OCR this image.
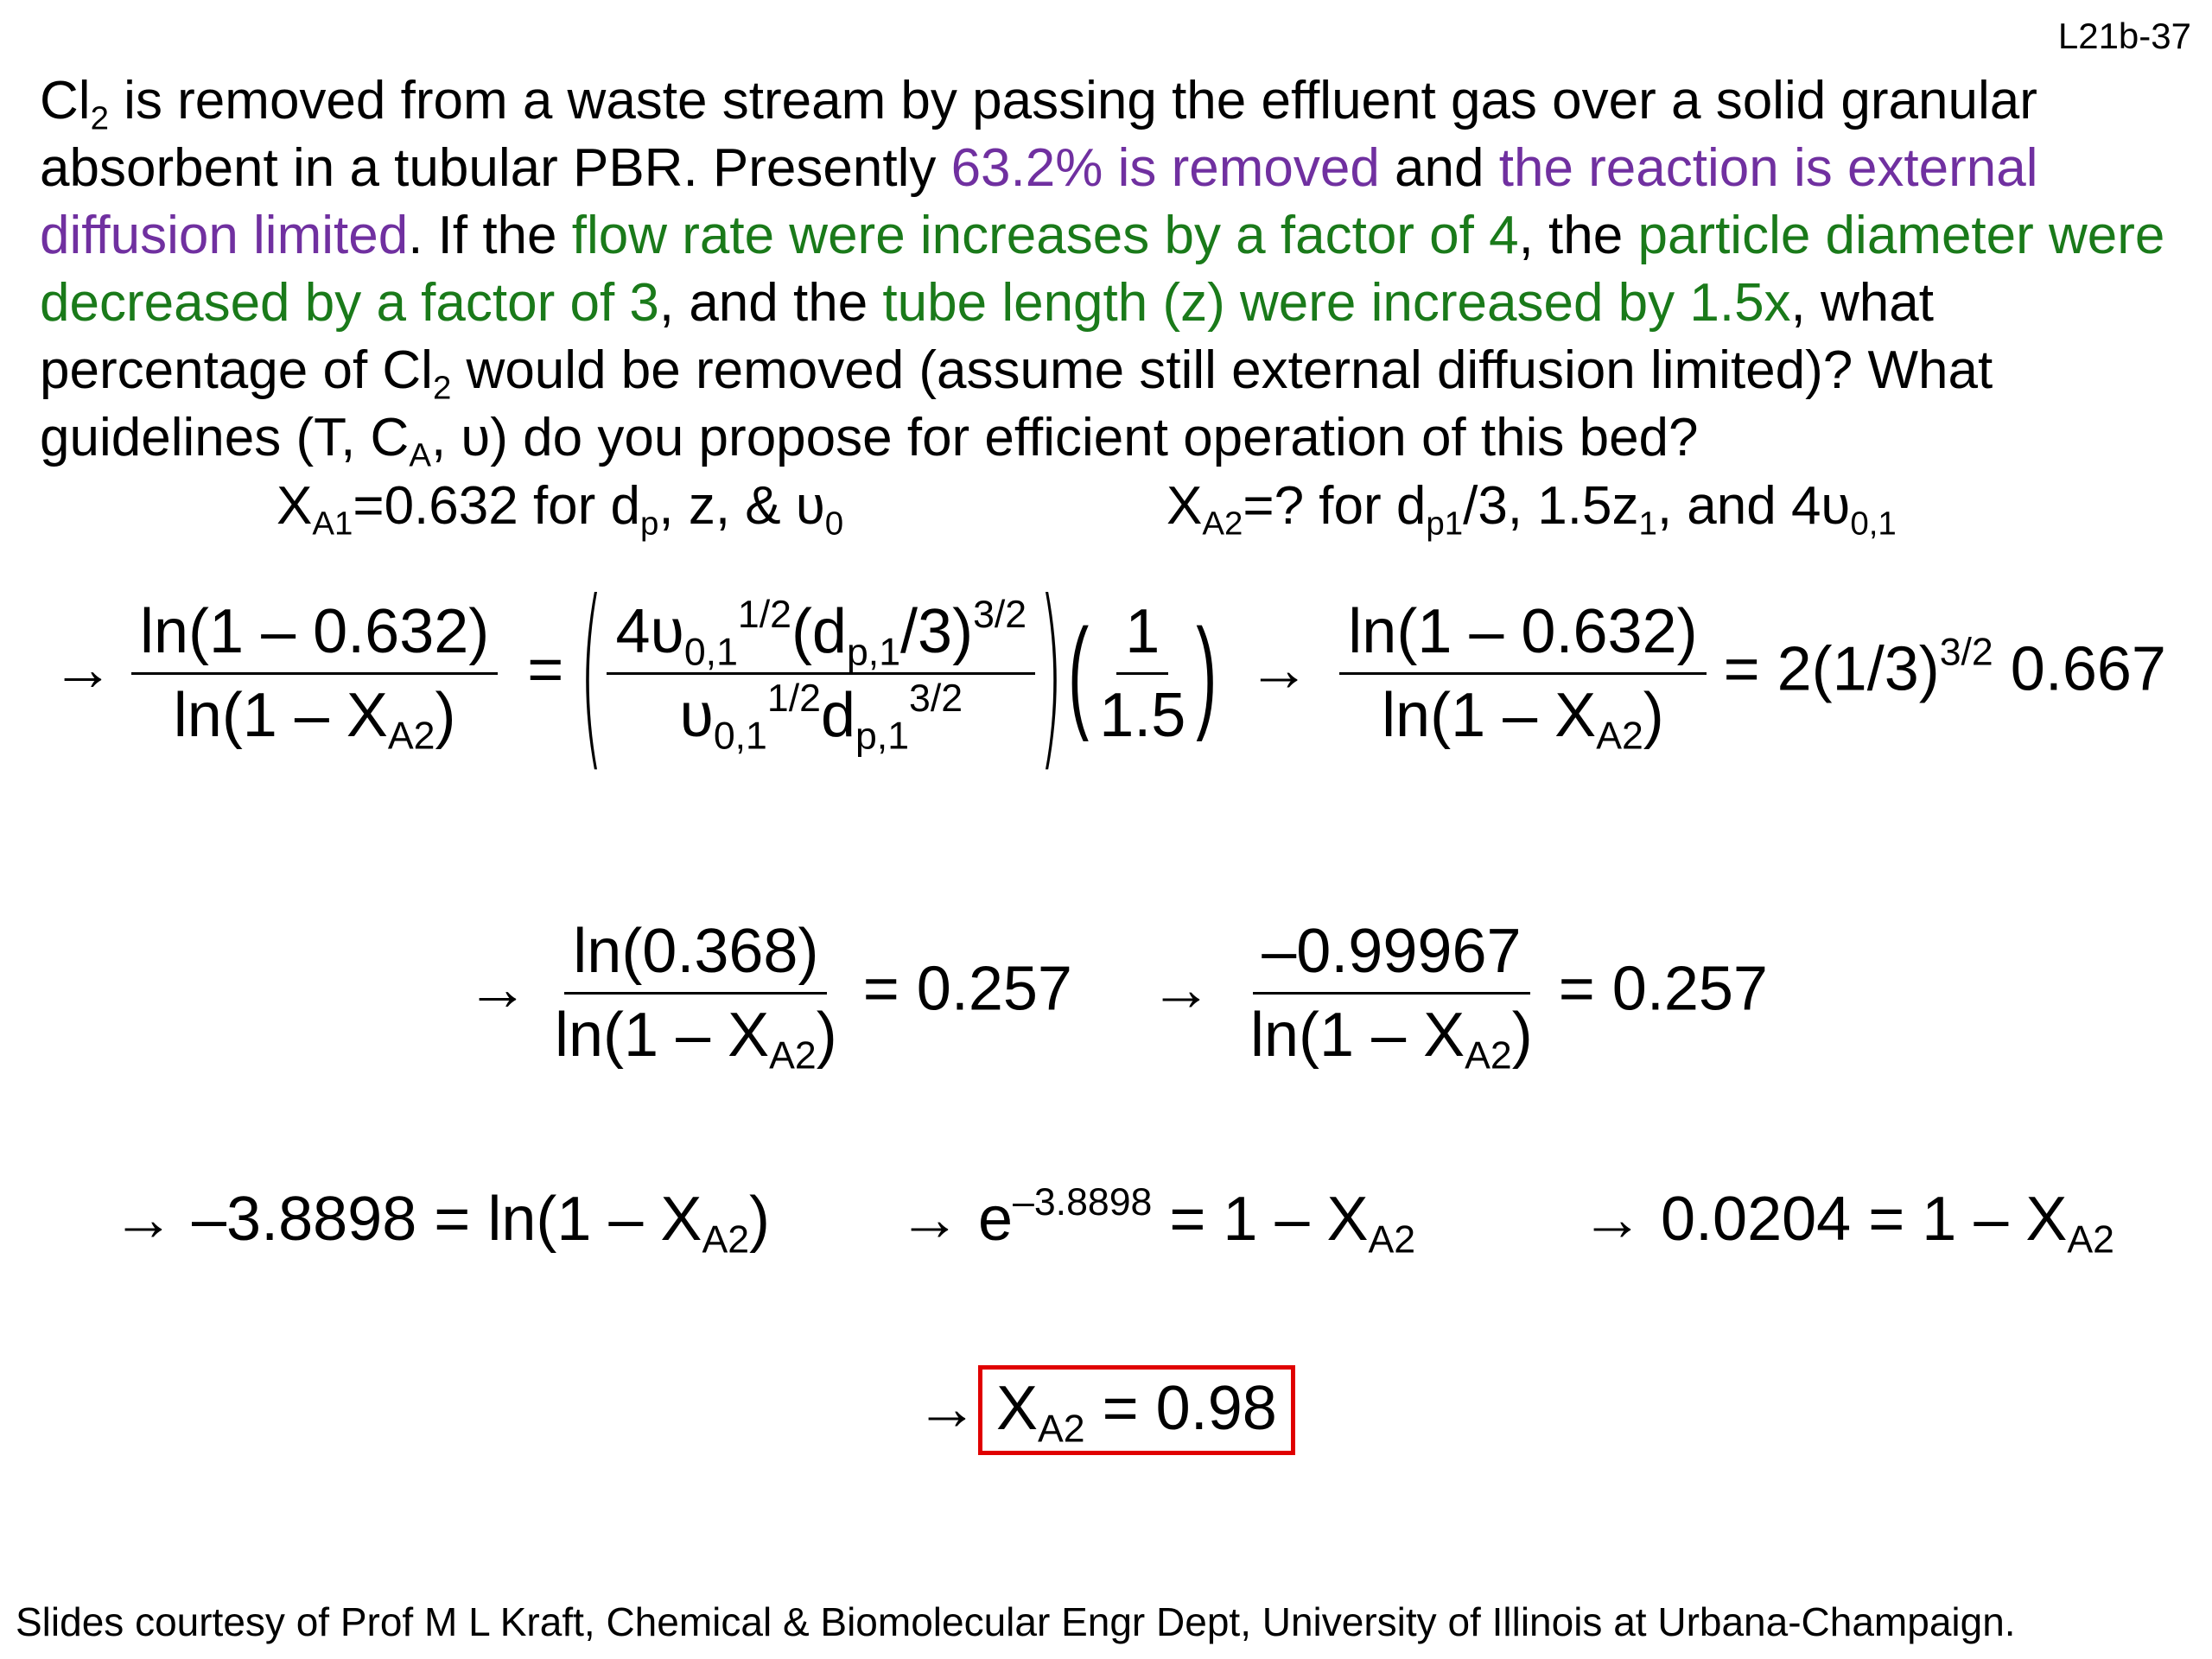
L21b-37
$Cl_2$ is removed from a waste stream by passing the effluent gas over a solid granular absorbent in a tubular PBR. Presently 63.2% is removed and the reaction is external diffusion limited. If the flow rate were increases by a factor of 4, the particle diameter were decreased by a factor of 3, and the tube length (z) were increased by 1.5x, what percentage of $Cl_2$ would be removed (assume still external diffusion limited)? What guidelines (T, $C_A$, υ) do you propose for efficient operation of this bed?
$X_{A1}=0.632$ for $d_p$, z, & $\upsilon_0$	$X_{A2}=$? for $d_{p1}/3$, $1.5z_1$, and $4\upsilon_{0,1}$
→ $\frac{\ln(1 - 0.632)}{\ln(1 - X_{A2})}$ = ( $\frac{4\upsilon_{0,1}^{1/2}(d_{p,1}/3)^{3/2}}{\upsilon_{0,1}^{1/2}d_{p,1}^{3/2}}$ )( $\frac{1}{1.5}$ ) → $\frac{\ln(1 - 0.632)}{\ln(1 - X_{A2})} = 2(1/3)^{3/2}$ 0.667
→ $\frac{\ln(0.368)}{\ln(1 - X_{A2})} = 0.257 \to \frac{-0.99967}{\ln(1 - X_{A2})} = 0.257$
→ $-3.8898 = \ln(1 - X_{A2}) \to e^{-3.8898} = 1 - X_{A2}$	→ $0.0204 = 1 - X_{A2}$
→ $X_{A2} = 0.98$
Slides courtesy of Prof M L Kraft, Chemical & Biomolecular Engr Dept, University of Illinois at Urbana-Champaign.
